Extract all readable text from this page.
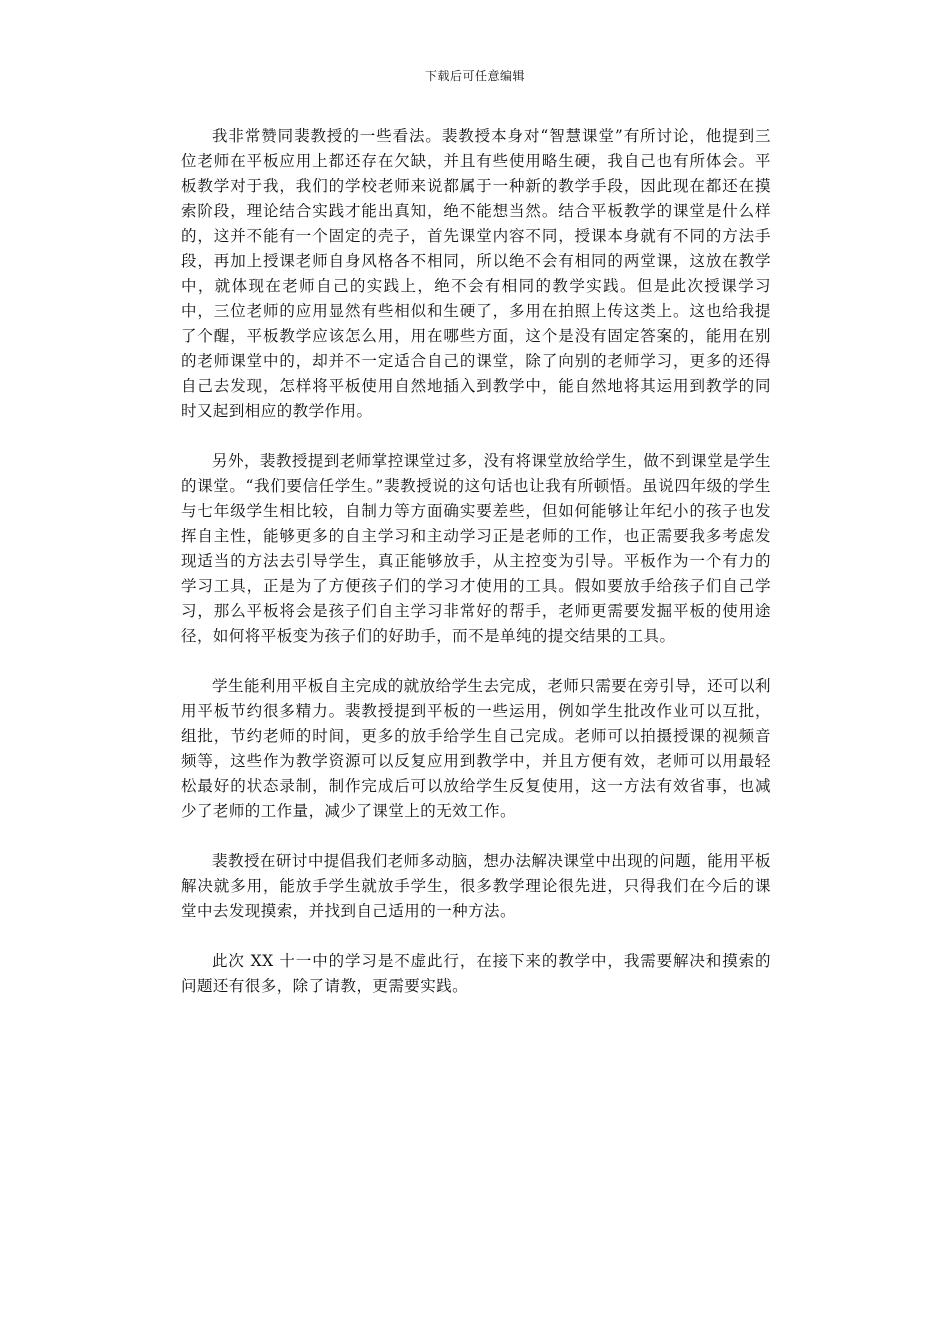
下载后可任意编辑

我非常赞同裴教授的一些看法。裴教授本身对“智慧课堂”有所讨论，他提到三位老师在平板应用上都还存在欠缺，并且有些使用略生硬，我自己也有所体会。平板教学对于我，我们的学校老师来说都属于一种新的教学手段，因此现在都还在摸索阶段，理论结合实践才能出真知，绝不能想当然。结合平板教学的课堂是什么样的，这并不能有一个固定的壳子，首先课堂内容不同，授课本身就有不同的方法手段，再加上授课老师自身风格各不相同，所以绝不会有相同的两堂课，这放在教学中，就体现在老师自己的实践上，绝不会有相同的教学实践。但是此次授课学习中，三位老师的应用显然有些相似和生硬了，多用在拍照上传这类上。这也给我提了个醒，平板教学应该怎么用，用在哪些方面，这个是没有固定答案的，能用在别的老师课堂中的，却并不一定适合自己的课堂，除了向别的老师学习，更多的还得自己去发现，怎样将平板使用自然地插入到教学中，能自然地将其运用到教学的同时又起到相应的教学作用。

另外，裴教授提到老师掌控课堂过多，没有将课堂放给学生，做不到课堂是学生的课堂。“我们要信任学生。”裴教授说的这句话也让我有所顿悟。虽说四年级的学生与七年级学生相比较，自制力等方面确实要差些，但如何能够让年纪小的孩子也发挥自主性，能够更多的自主学习和主动学习正是老师的工作，也正需要我多考虑发现适当的方法去引导学生，真正能够放手，从主控变为引导。平板作为一个有力的学习工具，正是为了方便孩子们的学习才使用的工具。假如要放手给孩子们自己学习，那么平板将会是孩子们自主学习非常好的帮手，老师更需要发掘平板的使用途径，如何将平板变为孩子们的好助手，而不是单纯的提交结果的工具。

学生能利用平板自主完成的就放给学生去完成，老师只需要在旁引导，还可以利用平板节约很多精力。裴教授提到平板的一些运用，例如学生批改作业可以互批，组批，节约老师的时间，更多的放手给学生自己完成。老师可以拍摄授课的视频音频等，这些作为教学资源可以反复应用到教学中，并且方便有效，老师可以用最轻松最好的状态录制，制作完成后可以放给学生反复使用，这一方法有效省事，也减少了老师的工作量，减少了课堂上的无效工作。

裴教授在研讨中提倡我们老师多动脑，想办法解决课堂中出现的问题，能用平板解决就多用，能放手学生就放手学生，很多教学理论很先进，只得我们在今后的课堂中去发现摸索，并找到自己适用的一种方法。

此次 XX 十一中的学习是不虚此行，在接下来的教学中，我需要解决和摸索的问题还有很多，除了请教，更需要实践。
